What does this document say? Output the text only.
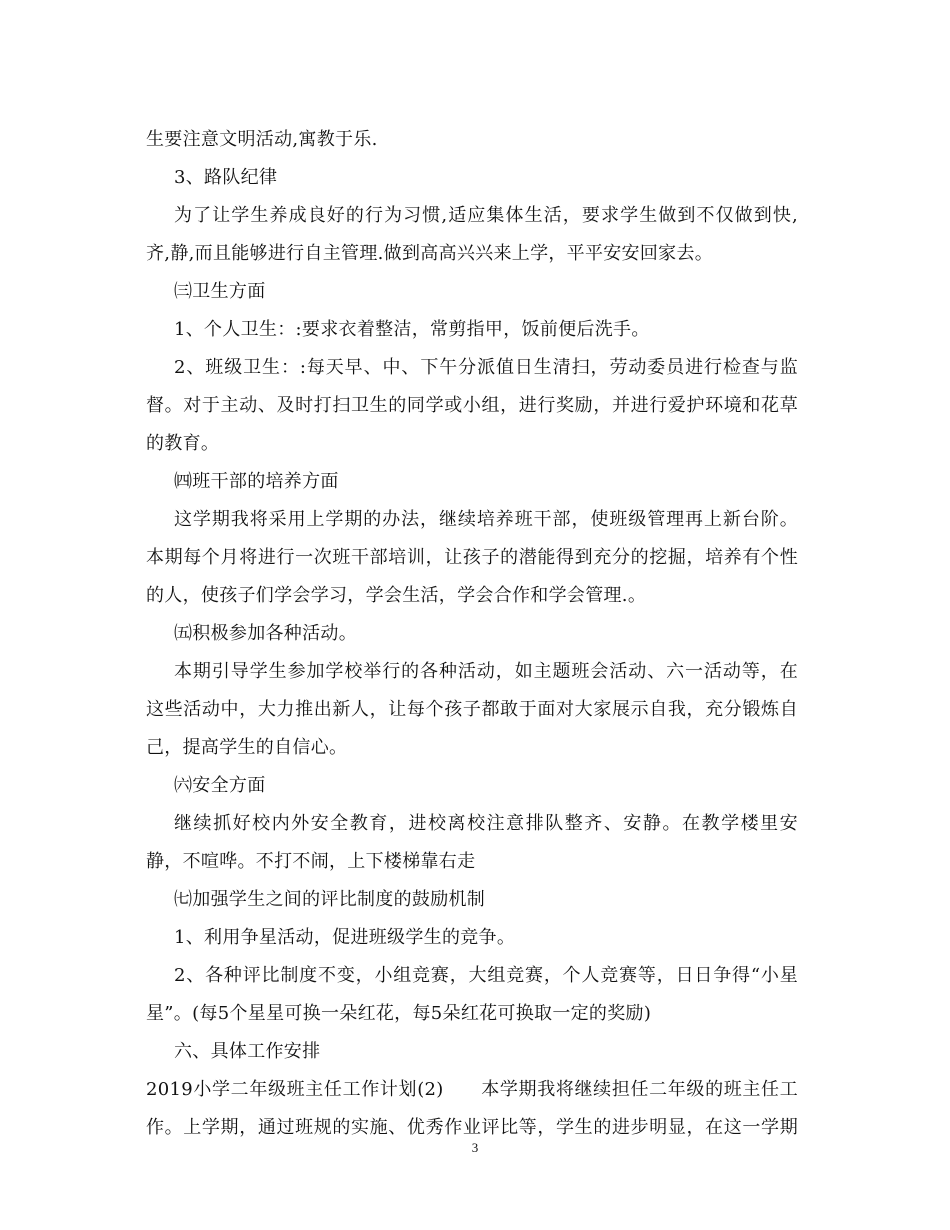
生要注意文明活动,寓教于乐.
3、路队纪律
为了让学生养成良好的行为习惯,适应集体生活，要求学生做到不仅做到快,
齐,静,而且能够进行自主管理.做到高高兴兴来上学，平平安安回家去。
㈢卫生方面
1、个人卫生：:要求衣着整洁，常剪指甲，饭前便后洗手。
2、班级卫生：:每天早、中、下午分派值日生清扫，劳动委员进行检查与监
督。对于主动、及时打扫卫生的同学或小组，进行奖励，并进行爱护环境和花草
的教育。
㈣班干部的培养方面
这学期我将采用上学期的办法，继续培养班干部，使班级管理再上新台阶。
本期每个月将进行一次班干部培训，让孩子的潜能得到充分的挖掘，培养有个性
的人，使孩子们学会学习，学会生活，学会合作和学会管理.。
㈤积极参加各种活动。
本期引导学生参加学校举行的各种活动，如主题班会活动、六一活动等，在
这些活动中，大力推出新人，让每个孩子都敢于面对大家展示自我，充分锻炼自
己，提高学生的自信心。
㈥安全方面
继续抓好校内外安全教育，进校离校注意排队整齐、安静。在教学楼里安
静，不喧哗。不打不闹，上下楼梯靠右走
㈦加强学生之间的评比制度的鼓励机制
1、利用争星活动，促进班级学生的竞争。
2、各种评比制度不变，小组竞赛，大组竞赛，个人竞赛等，日日争得“小星
星”。(每5个星星可换一朵红花，每5朵红花可换取一定的奖励)
六、具体工作安排
2019小学二年级班主任工作计划(2)　　本学期我将继续担任二年级的班主任工
作。上学期，通过班规的实施、优秀作业评比等，学生的进步明显，在这一学期
3
